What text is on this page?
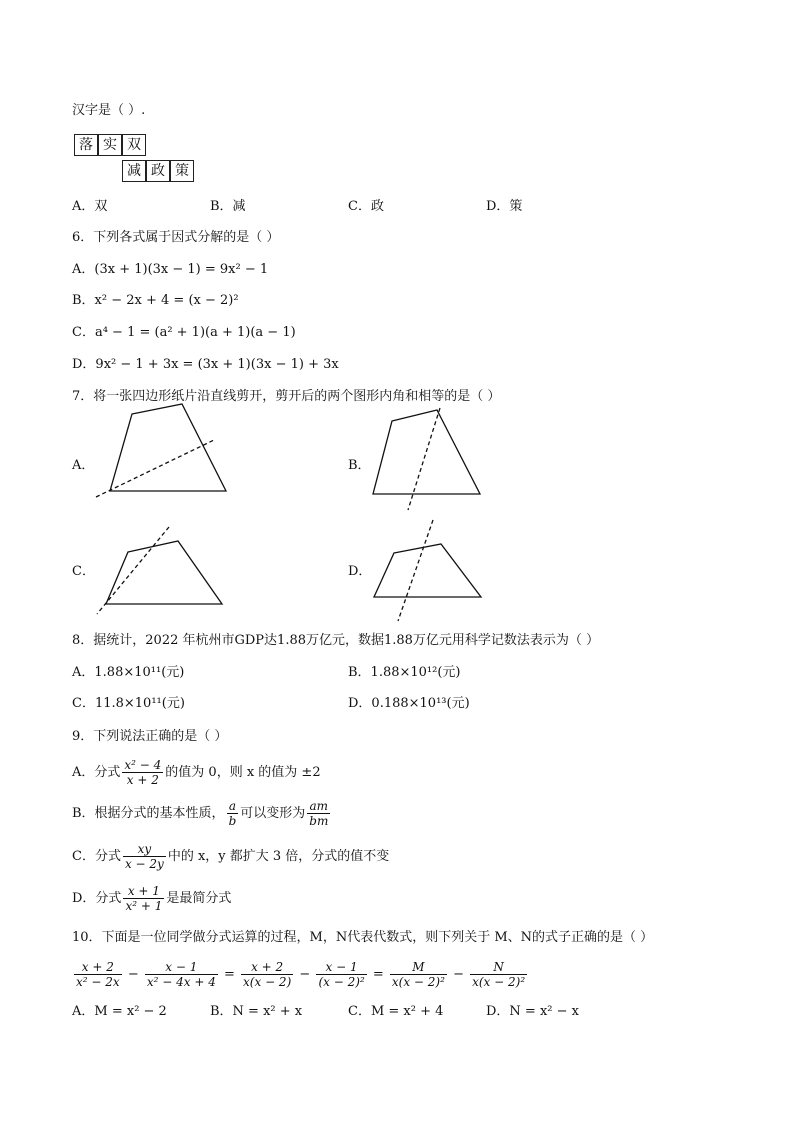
汉字是（ ）.
落 实 双
减 政 策
A．双	B．减	C．政	D．策
6．下列各式属于因式分解的是（ ）
A．(3x + 1)(3x − 1) = 9x² − 1
B．x² − 2x + 4 = (x − 2)²
C．a⁴ − 1 = (a² + 1)(a + 1)(a − 1)
D．9x² − 1 + 3x = (3x + 1)(3x − 1) + 3x
7．将一张四边形纸片沿直线剪开，剪开后的两个图形内角和相等的是（ ）
A．	B．
C．	D．
8．据统计，2022 年杭州市GDP达1.88万亿元，数据1.88万亿元用科学记数法表示为（ ）
A．1.88×10¹¹(元)	B．1.88×10¹²(元)
C．11.8×10¹¹(元)	D．0.188×10¹³(元)
9．下列说法正确的是（ ）
A．分式 $\frac{\text{x² − 4}}{x + 2}$ 的值为 0，则 x 的值为 ±2
B．根据分式的基本性质， $\frac{a}{b}$ 可以变形为 $\frac{am}{bm}$
C．分式 $\frac{xy}{x - 2y}$ 中的 x，y 都扩大 3 倍，分式的值不变
D．分式 $\frac{x + 1}{\text{x² + 1}}$ 是最简分式
10．下面是一位同学做分式运算的过程，M，N代表代数式，则下列关于 M、N的式子正确的是（ ）
$\frac{x + 2}{\text{x² − 2x}} - \frac{x - 1}{\text{x² − 4x + 4}} = \frac{x + 2}{x(x - 2)} - \frac{x - 1}{\text{(x − 2)²}} = \frac{M}{\text{x(x − 2)²}} - \frac{N}{\text{x(x − 2)²}}$
A．M = x² − 2	B．N = x² + x	C．M = x² + 4	D．N = x² − x
